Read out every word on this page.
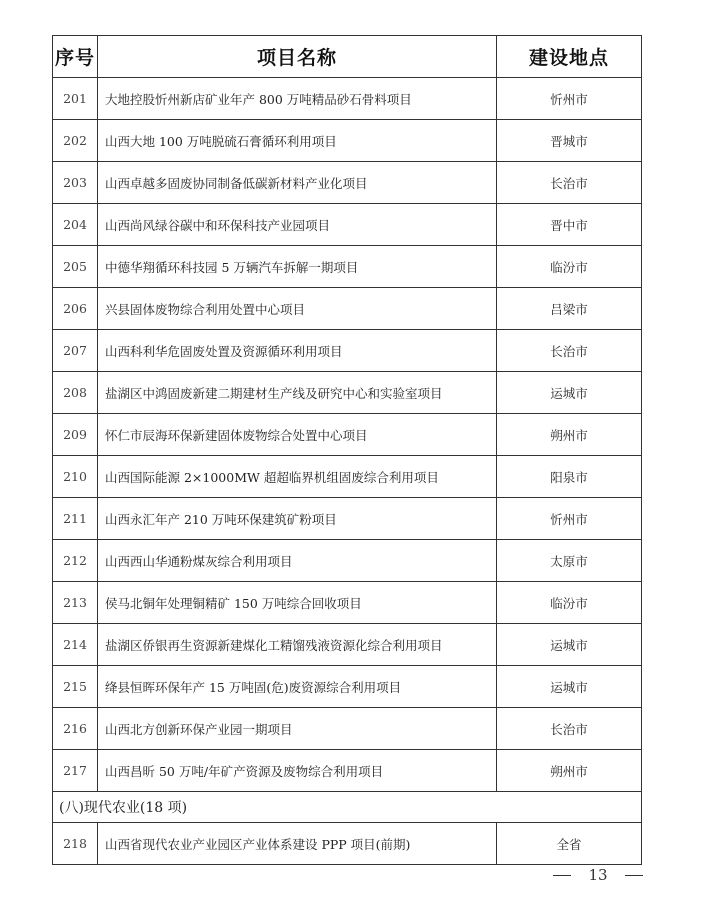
序号	项目名称	建设地点
201	大地控股忻州新店矿业年产 800 万吨精品砂石骨料项目	忻州市
202	山西大地 100 万吨脱硫石膏循环利用项目	晋城市
203	山西卓越多固废协同制备低碳新材料产业化项目	长治市
204	山西尚风绿谷碳中和环保科技产业园项目	晋中市
205	中德华翔循环科技园 5 万辆汽车拆解一期项目	临汾市
206	兴县固体废物综合利用处置中心项目	吕梁市
207	山西科利华危固废处置及资源循环利用项目	长治市
208	盐湖区中鸿固废新建二期建材生产线及研究中心和实验室项目	运城市
209	怀仁市辰海环保新建固体废物综合处置中心项目	朔州市
210	山西国际能源 2×1000MW 超超临界机组固废综合利用项目	阳泉市
211	山西永汇年产 210 万吨环保建筑矿粉项目	忻州市
212	山西西山华通粉煤灰综合利用项目	太原市
213	侯马北铜年处理铜精矿 150 万吨综合回收项目	临汾市
214	盐湖区侨银再生资源新建煤化工精馏残液资源化综合利用项目	运城市
215	绛县恒晖环保年产 15 万吨固(危)废资源综合利用项目	运城市
216	山西北方创新环保产业园一期项目	长治市
217	山西昌昕 50 万吨/年矿产资源及废物综合利用项目	朔州市
(八)现代农业(18 项)		
218	山西省现代农业产业园区产业体系建设 PPP 项目(前期)	全省
13
